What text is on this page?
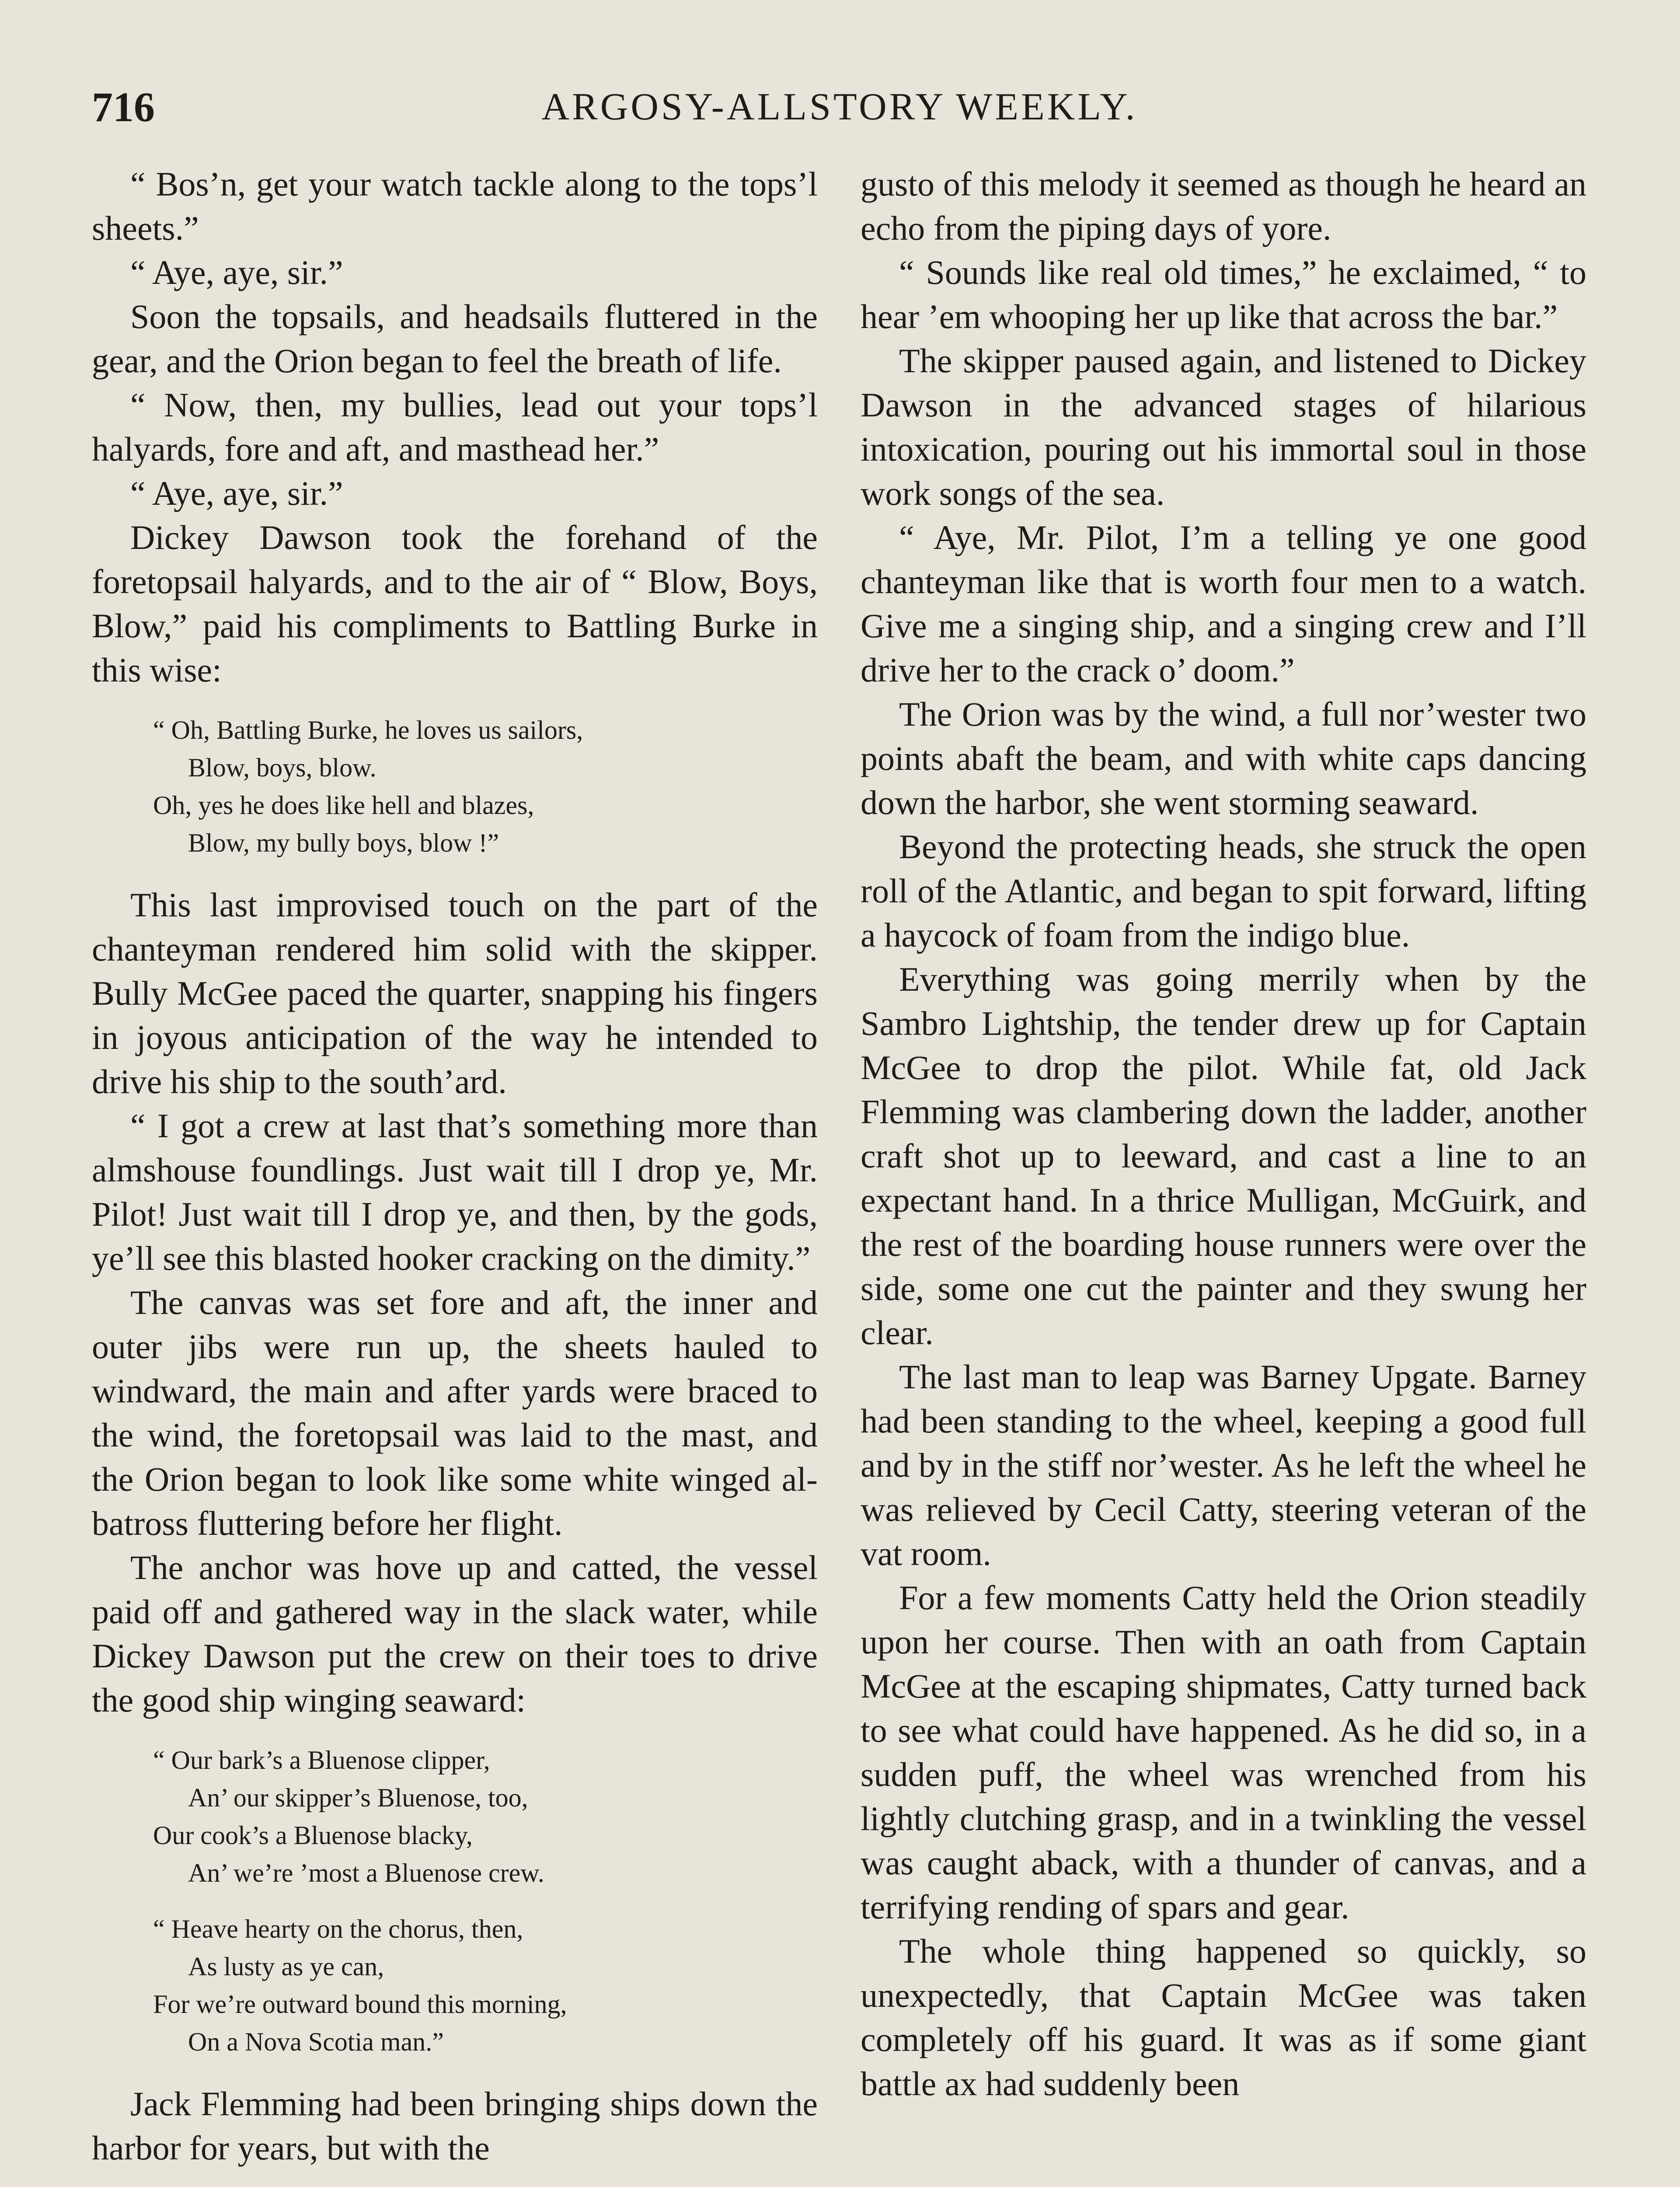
716	ARGOSY-ALLSTORY WEEKLY.

“ Bos’n, get your watch tackle along to the tops’l sheets.”

“ Aye, aye, sir.”

Soon the topsails, and headsails fluttered in the gear, and the Orion began to feel the breath of life.

“ Now, then, my bullies, lead out your tops’l halyards, fore and aft, and masthead her.”

“ Aye, aye, sir.”

Dickey Dawson took the forehand of the foretopsail halyards, and to the air of “ Blow, Boys, Blow,” paid his compliments to Battling Burke in this wise:

“ Oh, Battling Burke, he loves us sailors,
Blow, boys, blow.
Oh, yes he does like hell and blazes,
Blow, my bully boys, blow !”

This last improvised touch on the part of the chanteyman rendered him solid with the skipper. Bully McGee paced the quarter, snapping his fingers in joyous anticipation of the way he intended to drive his ship to the south’ard.

“ I got a crew at last that’s something more than almshouse foundlings. Just wait till I drop ye, Mr. Pilot! Just wait till I drop ye, and then, by the gods, ye’ll see this blasted hooker cracking on the dimity.”

The canvas was set fore and aft, the inner and outer jibs were run up, the sheets hauled to windward, the main and after yards were braced to the wind, the foretopsail was laid to the mast, and the Orion began to look like some white winged albatross fluttering before her flight.

The anchor was hove up and catted, the vessel paid off and gathered way in the slack water, while Dickey Dawson put the crew on their toes to drive the good ship winging seaward:

“ Our bark’s a Bluenose clipper,
An’ our skipper’s Bluenose, too,
Our cook’s a Bluenose blacky,
An’ we’re ’most a Bluenose crew.
“ Heave hearty on the chorus, then,
As lusty as ye can,
For we’re outward bound this morning,
On a Nova Scotia man.”

Jack Flemming had been bringing ships down the harbor for years, but with the

gusto of this melody it seemed as though he heard an echo from the piping days of yore.

“ Sounds like real old times,” he exclaimed, “ to hear ’em whooping her up like that across the bar.”

The skipper paused again, and listened to Dickey Dawson in the advanced stages of hilarious intoxication, pouring out his immortal soul in those work songs of the sea.

“ Aye, Mr. Pilot, I’m a telling ye one good chanteyman like that is worth four men to a watch. Give me a singing ship, and a singing crew and I’ll drive her to the crack o’ doom.”

The Orion was by the wind, a full nor’wester two points abaft the beam, and with white caps dancing down the harbor, she went storming seaward.

Beyond the protecting heads, she struck the open roll of the Atlantic, and began to spit forward, lifting a haycock of foam from the indigo blue.

Everything was going merrily when by the Sambro Lightship, the tender drew up for Captain McGee to drop the pilot. While fat, old Jack Flemming was clambering down the ladder, another craft shot up to leeward, and cast a line to an expectant hand. In a thrice Mulligan, McGuirk, and the rest of the boarding house runners were over the side, some one cut the painter and they swung her clear.

The last man to leap was Barney Upgate. Barney had been standing to the wheel, keeping a good full and by in the stiff nor’wester. As he left the wheel he was relieved by Cecil Catty, steering veteran of the vat room.

For a few moments Catty held the Orion steadily upon her course. Then with an oath from Captain McGee at the escaping shipmates, Catty turned back to see what could have happened. As he did so, in a sudden puff, the wheel was wrenched from his lightly clutching grasp, and in a twinkling the vessel was caught aback, with a thunder of canvas, and a terrifying rending of spars and gear.

The whole thing happened so quickly, so unexpectedly, that Captain McGee was taken completely off his guard. It was as if some giant battle ax had suddenly been
